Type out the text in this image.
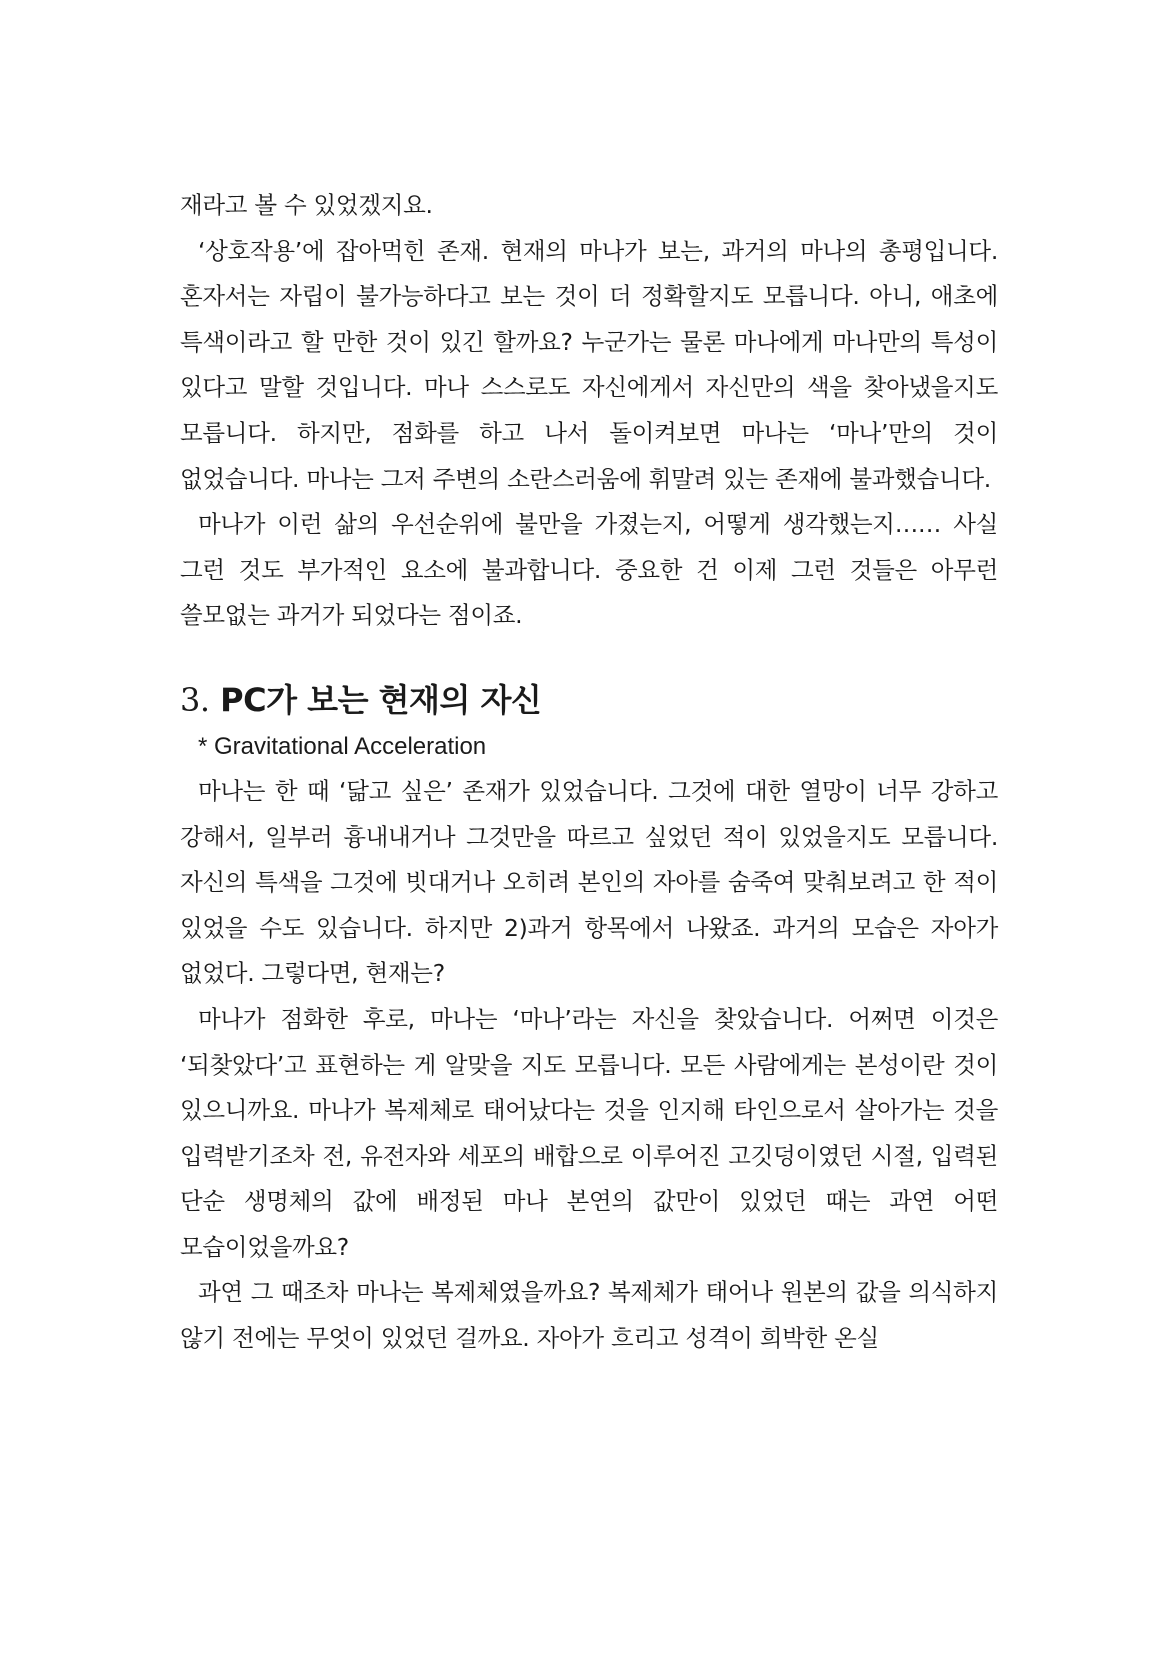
재라고 볼 수 있었겠지요.

‘상호작용’에 잡아먹힌 존재. 현재의 마나가 보는, 과거의 마나의 총평입니다. 혼자서는 자립이 불가능하다고 보는 것이 더 정확할지도 모릅니다. 아니, 애초에 특색이라고 할 만한 것이 있긴 할까요? 누군가는 물론 마나에게 마나만의 특성이 있다고 말할 것입니다. 마나 스스로도 자신에게서 자신만의 색을 찾아냈을지도 모릅니다. 하지만, 점화를 하고 나서 돌이켜보면 마나는 ‘마나’만의 것이 없었습니다. 마나는 그저 주변의 소란스러움에 휘말려 있는 존재에 불과했습니다.

마나가 이런 삶의 우선순위에 불만을 가졌는지, 어떻게 생각했는지…… 사실 그런 것도 부가적인 요소에 불과합니다. 중요한 건 이제 그런 것들은 아무런 쓸모없는 과거가 되었다는 점이죠.

3. PC가 보는 현재의 자신

* Gravitational Acceleration

마나는 한 때 ‘닮고 싶은’ 존재가 있었습니다. 그것에 대한 열망이 너무 강하고 강해서, 일부러 흉내내거나 그것만을 따르고 싶었던 적이 있었을지도 모릅니다. 자신의 특색을 그것에 빗대거나 오히려 본인의 자아를 숨죽여 맞춰보려고 한 적이 있었을 수도 있습니다. 하지만 2)과거 항목에서 나왔죠. 과거의 모습은 자아가 없었다. 그렇다면, 현재는?

마나가 점화한 후로, 마나는 ‘마나’라는 자신을 찾았습니다. 어쩌면 이것은 ‘되찾았다’고 표현하는 게 알맞을 지도 모릅니다. 모든 사람에게는 본성이란 것이 있으니까요. 마나가 복제체로 태어났다는 것을 인지해 타인으로서 살아가는 것을 입력받기조차 전, 유전자와 세포의 배합으로 이루어진 고깃덩이였던 시절, 입력된 단순 생명체의 값에 배정된 마나 본연의 값만이 있었던 때는 과연 어떤 모습이었을까요?

과연 그 때조차 마나는 복제체였을까요? 복제체가 태어나 원본의 값을 의식하지 않기 전에는 무엇이 있었던 걸까요. 자아가 흐리고 성격이 희박한 온실
